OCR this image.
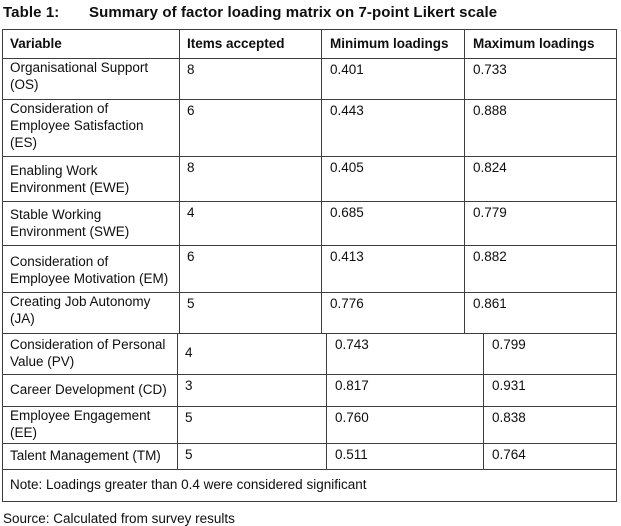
Table 1:	Summary of factor loading matrix on 7-point Likert scale
Variable	Items accepted	Minimum loadings	Maximum loadings
Organisational Support (OS)	8	0.401	0.733
Consideration of Employee Satisfaction (ES)	6	0.443	0.888
Enabling Work Environment (EWE)	8	0.405	0.824
Stable Working Environment (SWE)	4	0.685	0.779
Consideration of Employee Motivation (EM)	6	0.413	0.882
Creating Job Autonomy (JA)	5	0.776	0.861
Consideration of Personal Value (PV)	4	0.743	0.799
Career Development (CD)	3	0.817	0.931
Employee Engagement (EE)	5	0.760	0.838
Talent Management (TM)	5	0.511	0.764
Note: Loadings greater than 0.4 were considered significant			
Source: Calculated from survey results
